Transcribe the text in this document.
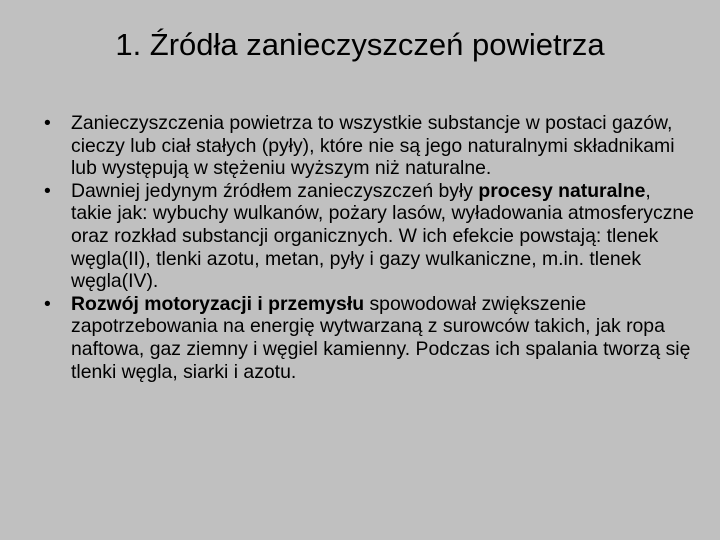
1. Źródła zanieczyszczeń powietrza
• Zanieczyszczenia powietrza to wszystkie substancje w postaci gazów, cieczy lub ciał stałych (pyły), które nie są jego naturalnymi składnikami lub występują w stężeniu wyższym niż naturalne.
• Dawniej jedynym źródłem zanieczyszczeń były procesy naturalne, takie jak: wybuchy wulkanów, pożary lasów, wyładowania atmosferyczne oraz rozkład substancji organicznych. W ich efekcie powstają: tlenek węgla(II), tlenki azotu, metan, pyły i gazy wulkaniczne, m.in. tlenek węgla(IV).
• Rozwój motoryzacji i przemysłu spowodował zwiększenie zapotrzebowania na energię wytwarzaną z surowców takich, jak ropa naftowa, gaz ziemny i węgiel kamienny. Podczas ich spalania tworzą się tlenki węgla, siarki i azotu.
